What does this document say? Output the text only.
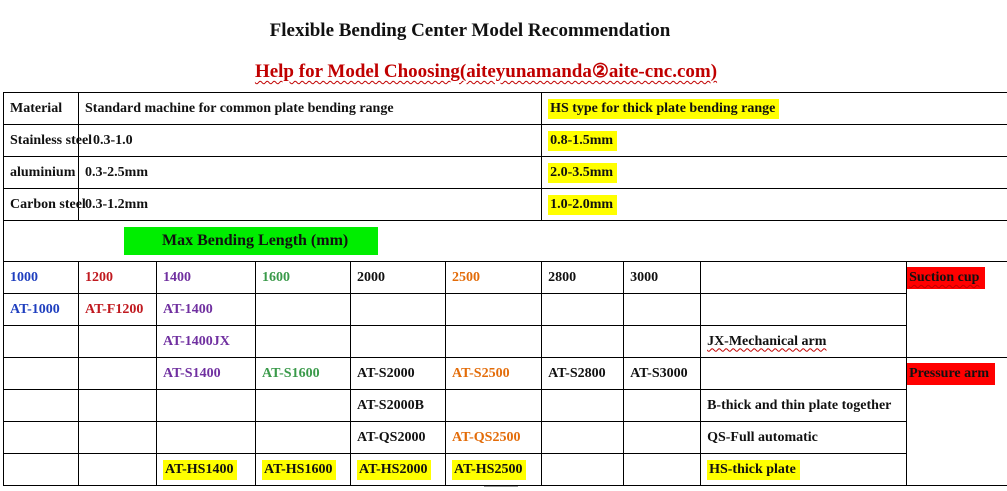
Flexible Bending Center Model Recommendation
Help for Model Choosing(aiteyunamanda②aite-cnc.com)
Material	Standard machine for common plate bending range					HS type for thick plate bending range			
Stainless steel	0.3-1.0					0.8-1.5mm			
aluminium	0.3-2.5mm					2.0-3.5mm			
Carbon steel	0.3-1.2mm					1.0-2.0mm			
Max Bending Length (mm)									
1000	1200	1400	1600	2000	2500	2800	3000		Suction cup
AT-1000	AT-F1200	AT-1400							
		AT-1400JX						JX-Mechanical arm	
		AT-S1400	AT-S1600	AT-S2000	AT-S2500	AT-S2800	AT-S3000		Pressure arm
				AT-S2000B				B-thick and thin plate together	
				AT-QS2000	AT-QS2500			QS-Full automatic	
		AT-HS1400	AT-HS1600	AT-HS2000	AT-HS2500			HS-thick plate	
